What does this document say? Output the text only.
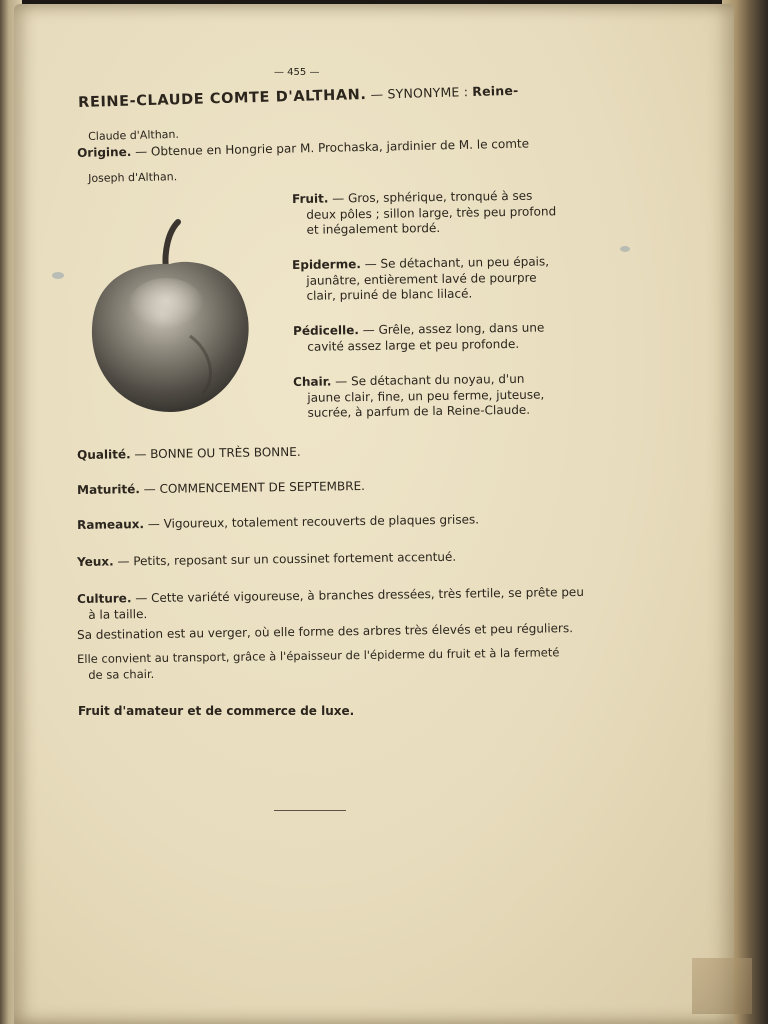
— 455 —
REINE-CLAUDE COMTE D'ALTHAN. — SYNONYME : Reine-
Claude d'Althan.
Origine. — Obtenue en Hongrie par M. Prochaska, jardinier de M. le comte
Joseph d'Althan.
Fruit. — Gros, sphérique, tronqué à ses
deux pôles ; sillon large, très peu profond
et inégalement bordé.
Epiderme. — Se détachant, un peu épais,
jaunâtre, entièrement lavé de pourpre
clair, pruiné de blanc lilacé.
Pédicelle. — Grêle, assez long, dans une
cavité assez large et peu profonde.
Chair. — Se détachant du noyau, d'un
jaune clair, fine, un peu ferme, juteuse,
sucrée, à parfum de la Reine-Claude.
Qualité. — BONNE OU TRÈS BONNE.
Maturité. — COMMENCEMENT DE SEPTEMBRE.
Rameaux. — Vigoureux, totalement recouverts de plaques grises.
Yeux. — Petits, reposant sur un coussinet fortement accentué.
Culture. — Cette variété vigoureuse, à branches dressées, très fertile, se prête peu
à la taille.
Sa destination est au verger, où elle forme des arbres très élevés et peu réguliers.
Elle convient au transport, grâce à l'épaisseur de l'épiderme du fruit et à la fermeté
de sa chair.
Fruit d'amateur et de commerce de luxe.
